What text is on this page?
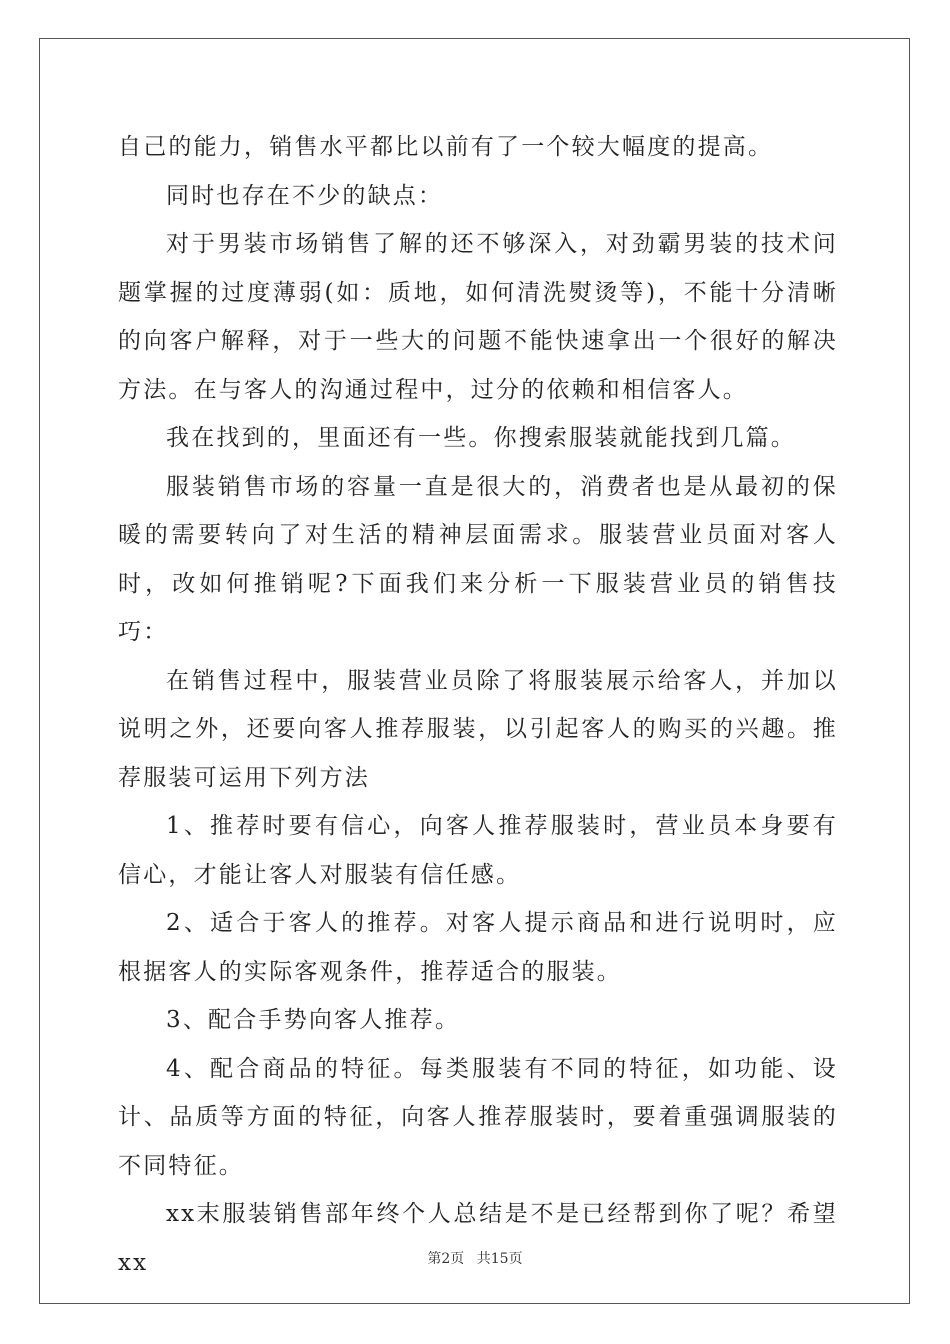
自己的能力，销售水平都比以前有了一个较大幅度的提高。

同时也存在不少的缺点：

对于男装市场销售了解的还不够深入，对劲霸男装的技术问题掌握的过度薄弱(如：质地，如何清洗熨烫等)，不能十分清晰的向客户解释，对于一些大的问题不能快速拿出一个很好的解决方法。在与客人的沟通过程中，过分的依赖和相信客人。

我在找到的，里面还有一些。你搜索服装就能找到几篇。

服装销售市场的容量一直是很大的，消费者也是从最初的保暖的需要转向了对生活的精神层面需求。服装营业员面对客人时，改如何推销呢?下面我们来分析一下服装营业员的销售技巧：

在销售过程中，服装营业员除了将服装展示给客人，并加以说明之外，还要向客人推荐服装，以引起客人的购买的兴趣。推荐服装可运用下列方法

1、推荐时要有信心，向客人推荐服装时，营业员本身要有信心，才能让客人对服装有信任感。

2、适合于客人的推荐。对客人提示商品和进行说明时，应根据客人的实际客观条件，推荐适合的服装。

3、配合手势向客人推荐。

4、配合商品的特征。每类服装有不同的特征，如功能、设计、品质等方面的特征，向客人推荐服装时，要着重强调服装的不同特征。

xx末服装销售部年终个人总结是不是已经帮到你了呢？希望xx	第2页 共15页
